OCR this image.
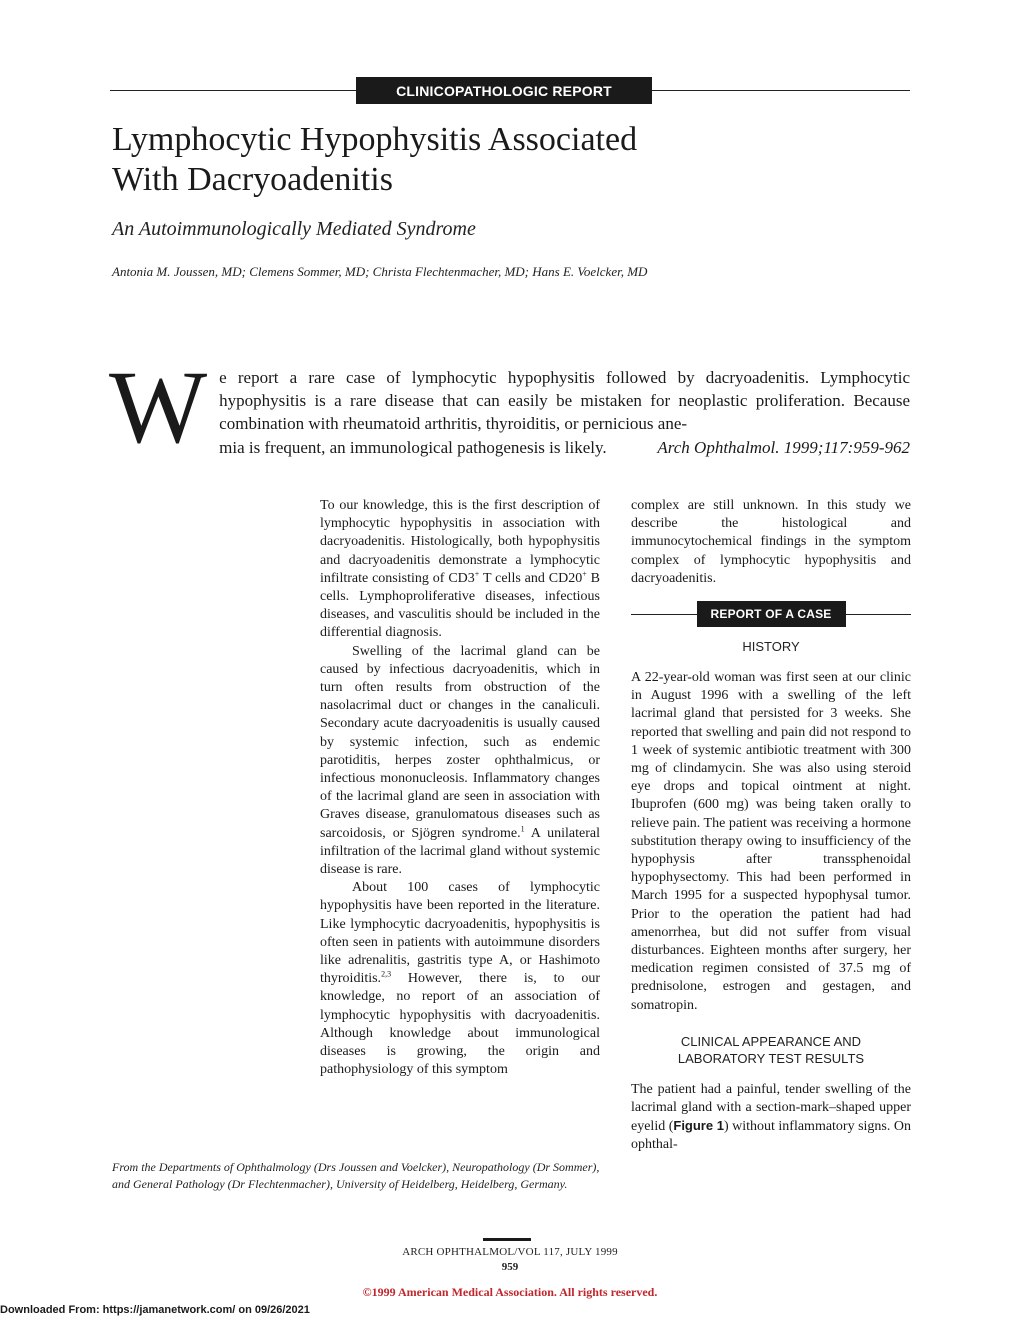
CLINICOPATHOLOGIC REPORT
Lymphocytic Hypophysitis Associated
With Dacryoadenitis
An Autoimmunologically Mediated Syndrome
Antonia M. Joussen, MD; Clemens Sommer, MD; Christa Flechtenmacher, MD; Hans E. Voelcker, MD
W e report a rare case of lymphocytic hypophysitis followed by dacryoadenitis. Lymphocytic hypophysitis is a rare disease that can easily be mistaken for neoplastic proliferation. Because combination with rheumatoid arthritis, thyroiditis, or pernicious ane-
mia is frequent, an immunological pathogenesis is likely.	Arch Ophthalmol. 1999;117:959-962

To our knowledge, this is the first description of lymphocytic hypophysitis in association with dacryoadenitis. Histologically, both hypophysitis and dacryoadenitis demonstrate a lymphocytic infiltrate consisting of CD3+ T cells and CD20+ B cells. Lymphoproliferative diseases, infectious diseases, and vasculitis should be included in the differential diagnosis.

Swelling of the lacrimal gland can be caused by infectious dacryoadenitis, which in turn often results from obstruction of the nasolacrimal duct or changes in the canaliculi. Secondary acute dacryoadenitis is usually caused by systemic infection, such as endemic parotiditis, herpes zoster ophthalmicus, or infectious mononucleosis. Inflammatory changes of the lacrimal gland are seen in association with Graves disease, granulomatous diseases such as sarcoidosis, or Sjögren syndrome.$^1$ A unilateral infiltration of the lacrimal gland without systemic disease is rare.

About 100 cases of lymphocytic hypophysitis have been reported in the literature. Like lymphocytic dacryoadenitis, hypophysitis is often seen in patients with autoimmune disorders like adrenalitis, gastritis type A, or Hashimoto thyroiditis.$^{2,3}$ However, there is, to our knowledge, no report of an association of lymphocytic hypophysitis with dacryoadenitis. Although knowledge about immunological diseases is growing, the origin and pathophysiology of this symptom

complex are still unknown. In this study we describe the histological and immunocytochemical findings in the symptom complex of lymphocytic hypophysitis and dacryoadenitis.

REPORT OF A CASE
HISTORY

A 22-year-old woman was first seen at our clinic in August 1996 with a swelling of the left lacrimal gland that persisted for 3 weeks. She reported that swelling and pain did not respond to 1 week of systemic antibiotic treatment with 300 mg of clindamycin. She was also using steroid eye drops and topical ointment at night. Ibuprofen (600 mg) was being taken orally to relieve pain. The patient was receiving a hormone substitution therapy owing to insufficiency of the hypophysis after transsphenoidal hypophysectomy. This had been performed in March 1995 for a suspected hypophysal tumor. Prior to the operation the patient had had amenorrhea, but did not suffer from visual disturbances. Eighteen months after surgery, her medication regimen consisted of 37.5 mg of prednisolone, estrogen and gestagen, and somatropin.

CLINICAL APPEARANCE AND
LABORATORY TEST RESULTS

The patient had a painful, tender swelling of the lacrimal gland with a section-mark–shaped upper eyelid (Figure 1) without inflammatory signs. On ophthal-

From the Departments of Ophthalmology (Drs Joussen and Voelcker), Neuropathology (Dr Sommer), and General Pathology (Dr Flechtenmacher), University of Heidelberg, Heidelberg, Germany.
ARCH OPHTHALMOL/VOL 117, JULY 1999
959
©1999 American Medical Association. All rights reserved.
Downloaded From: https://jamanetwork.com/ on 09/26/2021
